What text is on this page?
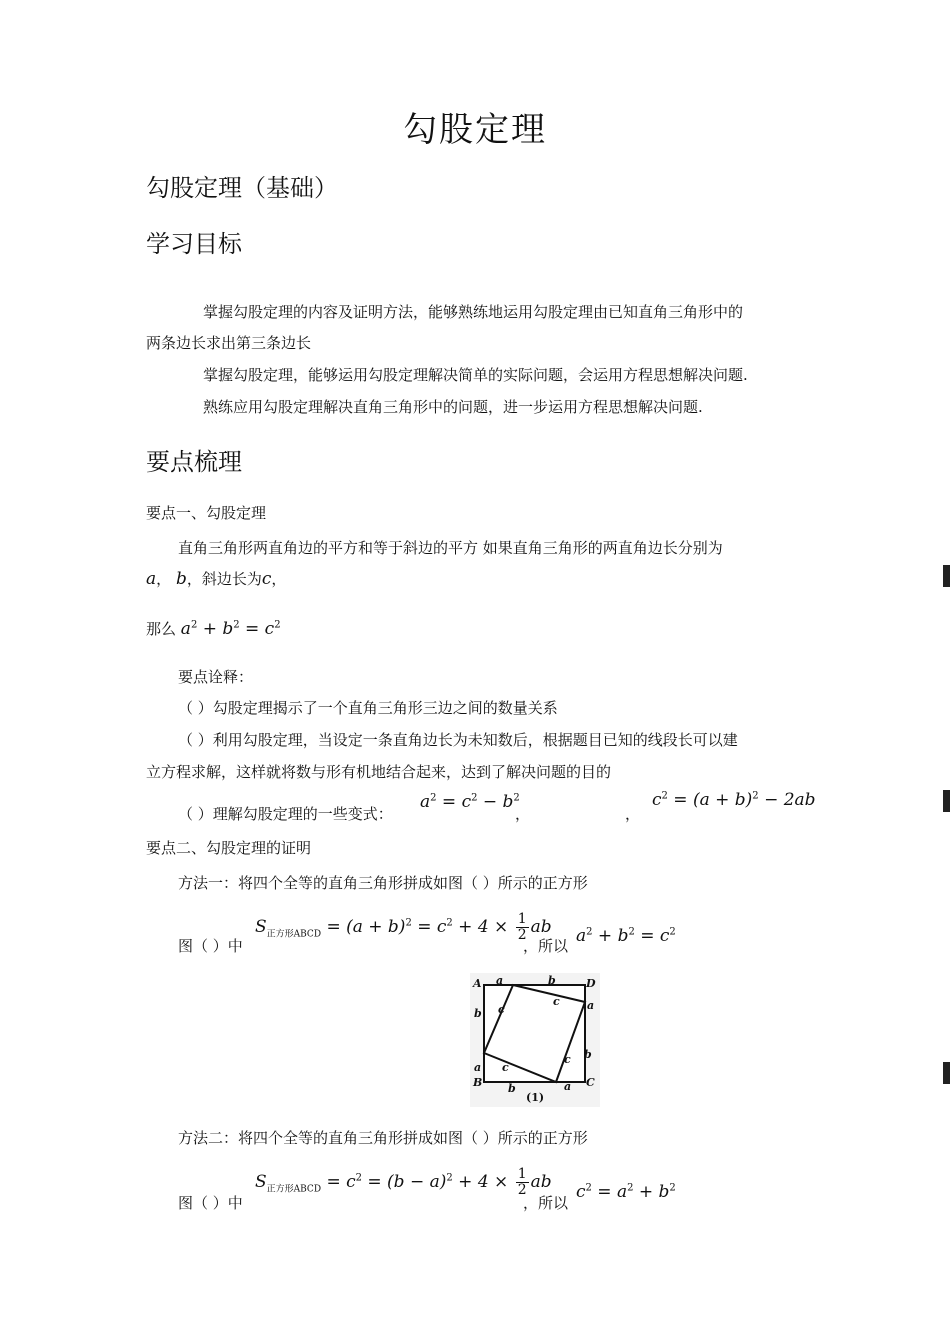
勾股定理
勾股定理（基础）
学习目标
掌握勾股定理的内容及证明方法，能够熟练地运用勾股定理由已知直角三角形中的
两条边长求出第三条边长
掌握勾股定理，能够运用勾股定理解决简单的实际问题，会运用方程思想解决问题.
熟练应用勾股定理解决直角三角形中的问题，进一步运用方程思想解决问题.
要点梳理
要点一、勾股定理
直角三角形两直角边的平方和等于斜边的平方 如果直角三角形的两直角边长分别为
a， b，斜边长为c，
那么 $a^2 + b^2 = c^2$
要点诠释：
（ ）勾股定理揭示了一个直角三角形三边之间的数量关系
（ ）利用勾股定理，当设定一条直角边长为未知数后，根据题目已知的线段长可以建
立方程求解，这样就将数与形有机地结合起来，达到了解决问题的目的
（ ）理解勾股定理的一些变式：
$a^2 = c^2 - b^2$
，	，
$c^2 = (a + b)^2 - 2ab$
要点二、勾股定理的证明
方法一：将四个全等的直角三角形拼成如图（ ）所示的正方形
图（ ）中
$S_{正方形ABCD} = (a + b)^2 = c^2 + 4 \times \frac{1}{2}$ ab
，所以 $a^2 + b^2 = c^2$
A
B	C
D
a	b
b
a
a
b
b	a
c
c
c
c
(1)
方法二：将四个全等的直角三角形拼成如图（ ）所示的正方形
图（ ）中
$S_{正方形ABCD} = c^2 = (b - a)^2 + 4 \times \frac{1}{2}$ ab
，所以
$c^2 = a^2 + b^2$
